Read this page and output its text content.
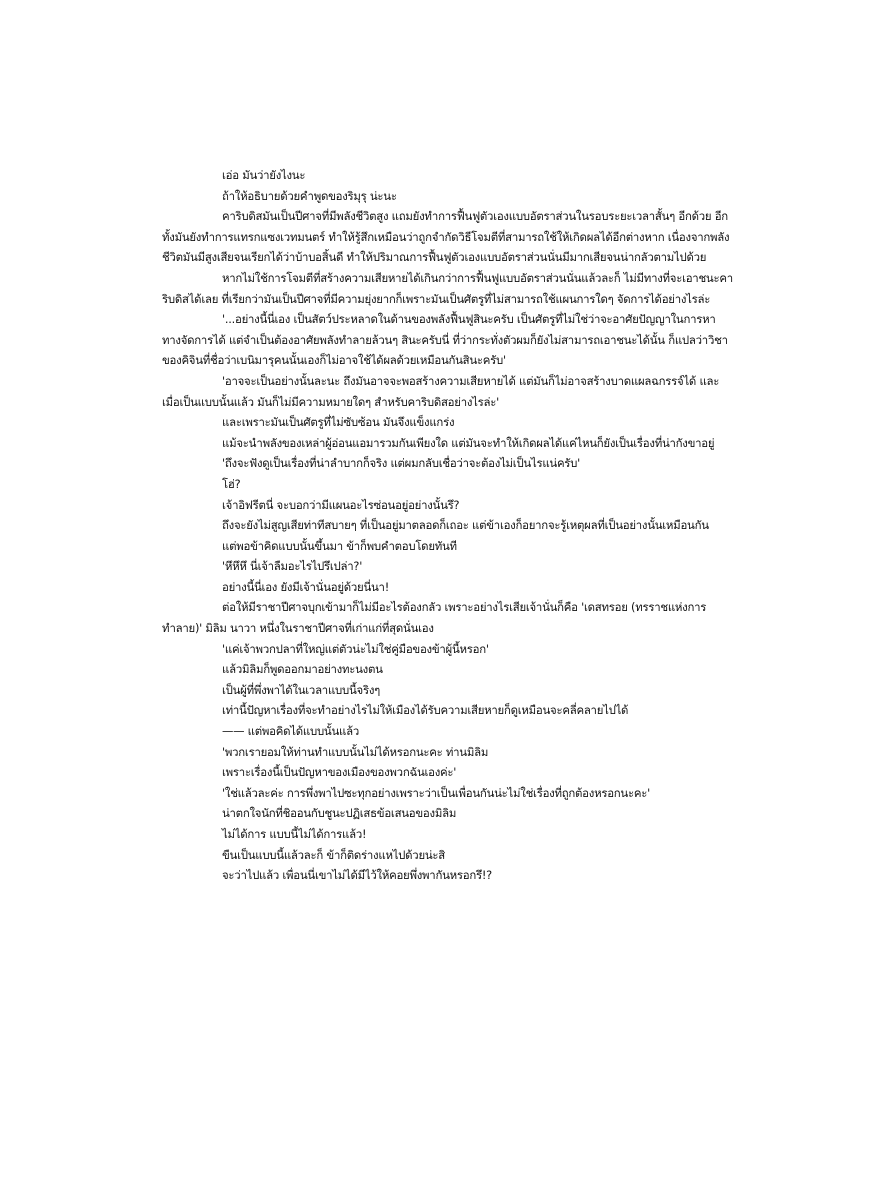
เอ่อ มันว่ายังไงนะ

ถ้าให้อธิบายด้วยคำพูดของริมุรุ น่ะนะ

คาริบดิสมันเป็นปีศาจที่มีพลังชีวิตสูง แถมยังทำการฟื้นฟูตัวเองแบบอัตราส่วนในรอบระยะเวลาสั้นๆ อีกด้วย อีกทั้งมันยังทำการแทรกแซงเวทมนตร์ ทำให้รู้สึกเหมือนว่าถูกจำกัดวิธีโจมตีที่สามารถใช้ให้เกิดผลได้อีกต่างหาก เนื่องจากพลังชีวิตมันมีสูงเสียจนเรียกได้ว่าบ้าบอสิ้นดี ทำให้ปริมาณการฟื้นฟูตัวเองแบบอัตราส่วนนั่นมีมากเสียจนน่ากลัวตามไปด้วย

หากไม่ใช้การโจมตีที่สร้างความเสียหายได้เกินกว่าการฟื้นฟูแบบอัตราส่วนนั่นแล้วละก็ ไม่มีทางที่จะเอาชนะคาริบดิสได้เลย ที่เรียกว่ามันเป็นปีศาจที่มีความยุ่งยากก็เพราะมันเป็นศัตรูที่ไม่สามารถใช้แผนการใดๆ จัดการได้อย่างไรล่ะ

'...อย่างนี้นี่เอง เป็นสัตว์ประหลาดในด้านของพลังฟื้นฟูสินะครับ เป็นศัตรูที่ไม่ใช่ว่าจะอาศัยปัญญาในการหาทางจัดการได้ แต่จำเป็นต้องอาศัยพลังทำลายล้วนๆ สินะครับนี่ ที่ว่ากระทั่งตัวผมก็ยังไม่สามารถเอาชนะได้นั้น ก็แปลว่าวิชาของคิจินที่ชื่อว่าเบนิมารุคนนั้นเองก็ไม่อาจใช้ได้ผลด้วยเหมือนกันสินะครับ'

'อาจจะเป็นอย่างนั้นละนะ ถึงมันอาจจะพอสร้างความเสียหายได้ แต่มันก็ไม่อาจสร้างบาดแผลฉกรรจ์ได้ และเมื่อเป็นแบบนั้นแล้ว มันก็ไม่มีความหมายใดๆ สำหรับคาริบดิสอย่างไรล่ะ'

และเพราะมันเป็นศัตรูที่ไม่ซับซ้อน มันจึงแข็งแกร่ง

แม้จะนำพลังของเหล่าผู้อ่อนแอมารวมกันเพียงใด แต่มันจะทำให้เกิดผลได้แค่ไหนก็ยังเป็นเรื่องที่น่ากังขาอยู่

'ถึงจะฟังดูเป็นเรื่องที่น่าลำบากก็จริง แต่ผมกลับเชื่อว่าจะต้องไม่เป็นไรแน่ครับ'

โฮ่?

เจ้าอิฟรีตนี่ จะบอกว่ามีแผนอะไรซ่อนอยู่อย่างนั้นรึ?

ถึงจะยังไม่สูญเสียท่าทีสบายๆ ที่เป็นอยู่มาตลอดก็เถอะ แต่ข้าเองก็อยากจะรู้เหตุผลที่เป็นอย่างนั้นเหมือนกัน

แต่พอข้าคิดแบบนั้นขึ้นมา ข้าก็พบคำตอบโดยทันที

'หึหึหึ นี่เจ้าลืมอะไรไปรึเปล่า?'

อย่างนี้นี่เอง ยังมีเจ้านั่นอยู่ด้วยนี่นา!

ต่อให้มีราชาปีศาจบุกเข้ามาก็ไม่มีอะไรต้องกลัว เพราะอย่างไรเสียเจ้านั่นก็คือ 'เดสทรอย (ทรราชแห่งการทำลาย)' มิลิม นาวา หนึ่งในราชาปีศาจที่เก่าแก่ที่สุดนั่นเอง

'แค่เจ้าพวกปลาที่ใหญ่แต่ตัวน่ะไม่ใช่คู่มือของข้าผู้นี้หรอก'

แล้วมิลิมก็พูดออกมาอย่างทะนงตน

เป็นผู้ที่พึ่งพาได้ในเวลาแบบนี้จริงๆ

เท่านี้ปัญหาเรื่องที่จะทำอย่างไรไม่ให้เมืองได้รับความเสียหายก็ดูเหมือนจะคลี่คลายไปได้

—— แต่พอคิดได้แบบนั้นแล้ว

'พวกเรายอมให้ท่านทำแบบนั้นไม่ได้หรอกนะคะ ท่านมิลิม

เพราะเรื่องนี้เป็นปัญหาของเมืองของพวกฉันเองค่ะ'

'ใช่แล้วละค่ะ การพึ่งพาไปซะทุกอย่างเพราะว่าเป็นเพื่อนกันน่ะไม่ใช่เรื่องที่ถูกต้องหรอกนะคะ'

น่าตกใจนักที่ชิออนกับชูนะปฏิเสธข้อเสนอของมิลิม

ไม่ได้การ แบบนี้ไม่ได้การแล้ว!

ขืนเป็นแบบนี้แล้วละก็ ข้าก็ติดร่างแหไปด้วยน่ะสิ

จะว่าไปแล้ว เพื่อนนี่เขาไม่ได้มีไว้ให้คอยพึ่งพากันหรอกรึ!?
